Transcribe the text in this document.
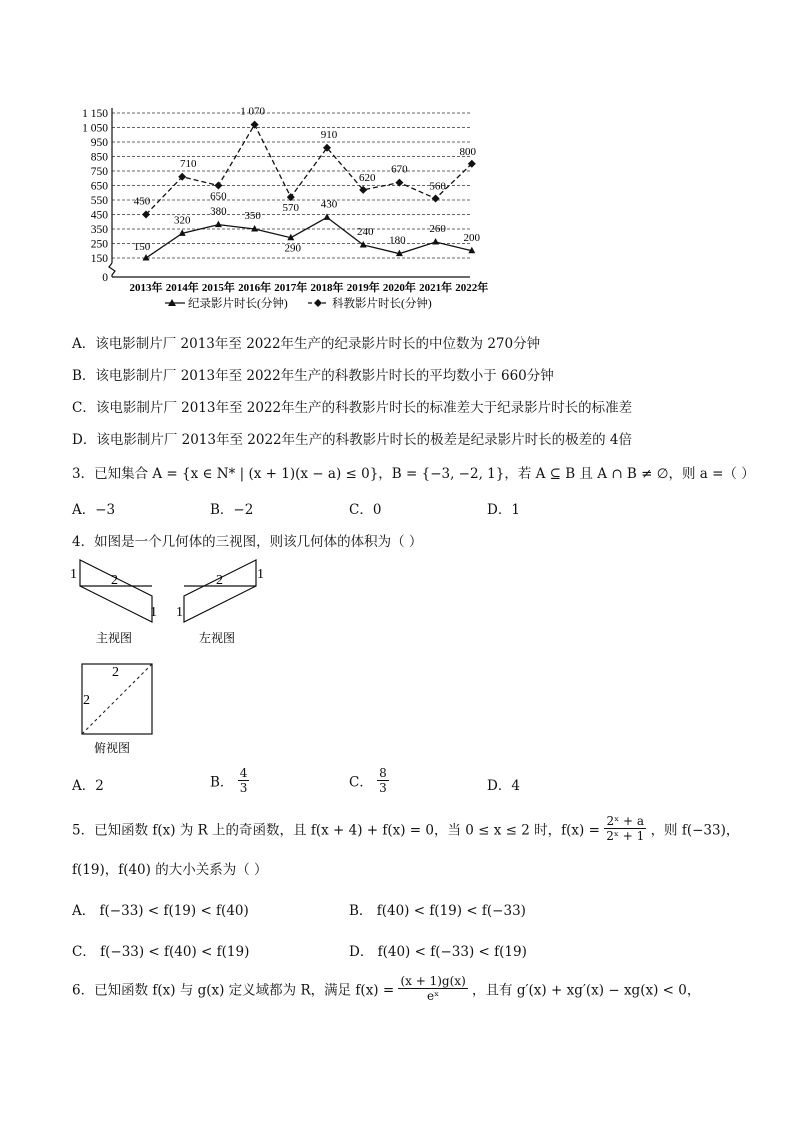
0
150
250
350
450
550
650
750
850
950
1 050
1 150
2013年 2014年 2015年 2016年 2017年 2018年 2019年 2020年 2021年 2022年
150
320
380 350
290
430
240
180
260
200
450
710
650
1 070
570
910
620
670
560
800
纪录影片时长(分钟)	科教影片时长(分钟)
A．该电影制片厂 2013年至 2022年生产的纪录影片时长的中位数为 270分钟
B．该电影制片厂 2013年至 2022年生产的科教影片时长的平均数小于 660分钟
C．该电影制片厂 2013年至 2022年生产的科教影片时长的标准差大于纪录影片时长的标准差
D．该电影制片厂 2013年至 2022年生产的科教影片时长的极差是纪录影片时长的极差的 4倍
3．已知集合 A = {x ∈ N* | (x + 1)(x − a) ≤ 0}，B = {−3, −2, 1}，若 A ⊆ B 且 A ∩ B ≠ ∅，则 a =（ ）
A．−3	B．−2	C．0	D．1
4．如图是一个几何体的三视图，则该几何体的体积为（ ）
1 2
1
主视图
1
2
1
左视图
2
2
俯视图
A．2	B． $\frac{4}{3}$	C． $\frac{8}{3}$	D．4
5．已知函数 f(x) 为 R 上的奇函数，且 f(x + 4) + f(x) = 0，当 0 ≤ x ≤ 2 时，$f(x) = \frac{\text{2ˣ + a}}{\text{2ˣ + 1}}$ ，则 f(−33)，
f(19)，f(40) 的大小关系为（ ）
A． f(−33) < f(19) < f(40)	B． f(40) < f(19) < f(−33)
C． f(−33) < f(40) < f(19)	D． f(40) < f(−33) < f(19)
6．已知函数 f(x) 与 g(x) 定义域都为 R，满足 $f(x) = \frac{(x + 1)g(x)}{\text{eˣ}}$ ，且有 g′(x) + xg′(x) − xg(x) < 0，
